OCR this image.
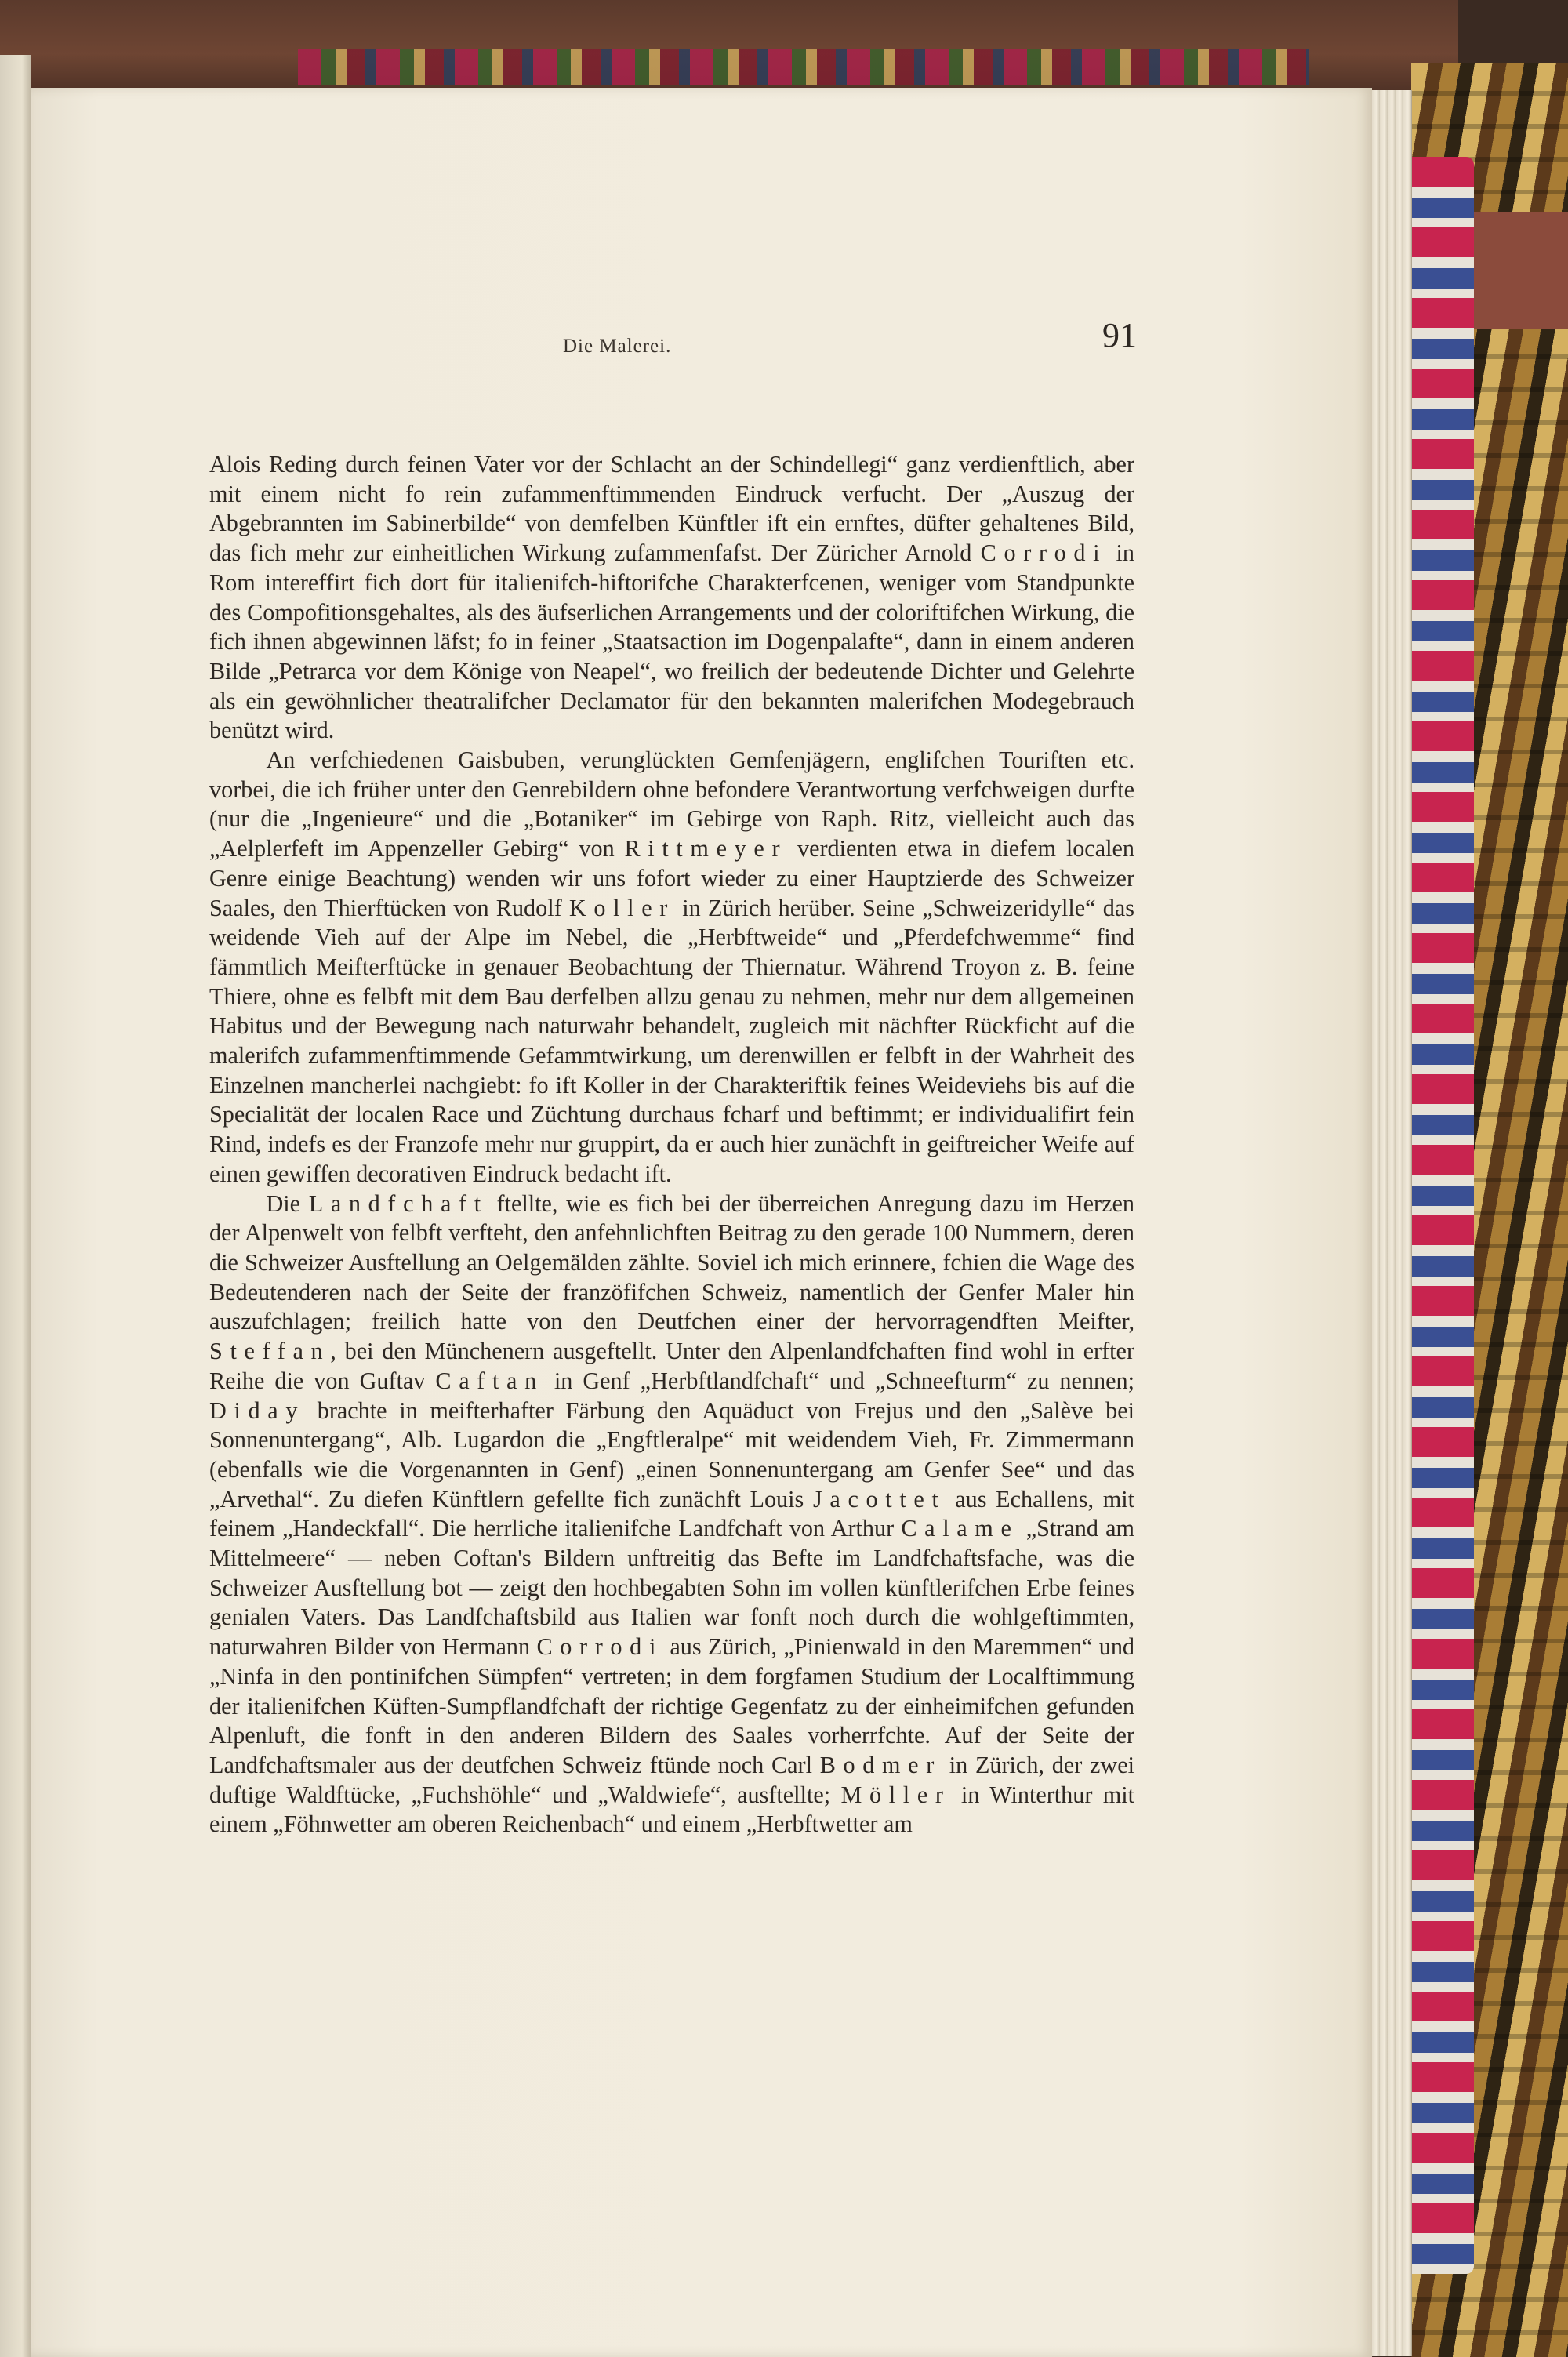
Die Malerei.	91

Alois Reding durch feinen Vater vor der Schlacht an der Schindellegi“ ganz verdienftlich, aber mit einem nicht fo rein zufammenftimmenden Eindruck verfucht. Der „Auszug der Abgebrannten im Sabinerbilde“ von demfelben Künftler ift ein ernftes, düfter gehaltenes Bild, das fich mehr zur einheitlichen Wirkung zufammenfafst. Der Züricher Arnold Corrodi in Rom intereffirt fich dort für italienifch-hiftorifche Charakterfcenen, weniger vom Standpunkte des Compofitionsgehaltes, als des äufserlichen Arrangements und der coloriftifchen Wirkung, die fich ihnen abgewinnen läfst; fo in feiner „Staatsaction im Dogenpalafte“, dann in einem anderen Bilde „Petrarca vor dem Könige von Neapel“, wo freilich der bedeutende Dichter und Gelehrte als ein gewöhnlicher theatralifcher Declamator für den bekannten malerifchen Modegebrauch benützt wird.

An verfchiedenen Gaisbuben, verunglückten Gemfenjägern, englifchen Touriften etc. vorbei, die ich früher unter den Genrebildern ohne befondere Verantwortung verfchweigen durfte (nur die „Ingenieure“ und die „Botaniker“ im Gebirge von Raph. Ritz, vielleicht auch das „Aelplerfeft im Appenzeller Gebirg“ von Rittmeyer verdienten etwa in diefem localen Genre einige Beachtung) wenden wir uns fofort wieder zu einer Hauptzierde des Schweizer Saales, den Thierftücken von Rudolf Koller in Zürich herüber. Seine „Schweizeridylle“ das weidende Vieh auf der Alpe im Nebel, die „Herbftweide“ und „Pferdefchwemme“ find fämmtlich Meifterftücke in genauer Beobachtung der Thiernatur. Während Troyon z. B. feine Thiere, ohne es felbft mit dem Bau derfelben allzu genau zu nehmen, mehr nur dem allgemeinen Habitus und der Bewegung nach naturwahr behandelt, zugleich mit nächfter Rückficht auf die malerifch zufammenftimmende Gefammtwirkung, um derenwillen er felbft in der Wahrheit des Einzelnen mancherlei nachgiebt: fo ift Koller in der Charakteriftik feines Weideviehs bis auf die Specialität der localen Race und Züchtung durchaus fcharf und beftimmt; er individualifirt fein Rind, indefs es der Franzofe mehr nur gruppirt, da er auch hier zunächft in geiftreicher Weife auf einen gewiffen decorativen Eindruck bedacht ift.

Die Landfchaft ftellte, wie es fich bei der überreichen Anregung dazu im Herzen der Alpenwelt von felbft verfteht, den anfehnlichften Beitrag zu den gerade 100 Nummern, deren die Schweizer Ausftellung an Oelgemälden zählte. Soviel ich mich erinnere, fchien die Wage des Bedeutenderen nach der Seite der franzöfifchen Schweiz, namentlich der Genfer Maler hin auszufchlagen; freilich hatte von den Deutfchen einer der hervorragendften Meifter, Steffan, bei den Münchenern ausgeftellt. Unter den Alpenlandfchaften find wohl in erfter Reihe die von Guftav Caftan in Genf „Herbftlandfchaft“ und „Schneefturm“ zu nennen; Diday brachte in meifterhafter Färbung den Aquäduct von Frejus und den „Salève bei Sonnenuntergang“, Alb. Lugardon die „Engftleralpe“ mit weidendem Vieh, Fr. Zimmermann (ebenfalls wie die Vorgenannten in Genf) „einen Sonnenuntergang am Genfer See“ und das „Arvethal“. Zu diefen Künftlern gefellte fich zunächft Louis Jacottet aus Echallens, mit feinem „Handeckfall“. Die herrliche italienifche Landfchaft von Arthur Calame „Strand am Mittelmeere“ — neben Coftan's Bildern unftreitig das Befte im Landfchaftsfache, was die Schweizer Ausftellung bot — zeigt den hochbegabten Sohn im vollen künftlerifchen Erbe feines genialen Vaters. Das Landfchaftsbild aus Italien war fonft noch durch die wohlgeftimmten, naturwahren Bilder von Hermann Corrodi aus Zürich, „Pinienwald in den Maremmen“ und „Ninfa in den pontinifchen Sümpfen“ vertreten; in dem forgfamen Studium der Localftimmung der italienifchen Küften-Sumpflandfchaft der richtige Gegenfatz zu der einheimifchen gefunden Alpenluft, die fonft in den anderen Bildern des Saales vorherrfchte. Auf der Seite der Landfchaftsmaler aus der deutfchen Schweiz ftünde noch Carl Bodmer in Zürich, der zwei duftige Waldftücke, „Fuchshöhle“ und „Waldwiefe“, ausftellte; Möller in Winterthur mit einem „Föhnwetter am oberen Reichenbach“ und einem „Herbftwetter am
